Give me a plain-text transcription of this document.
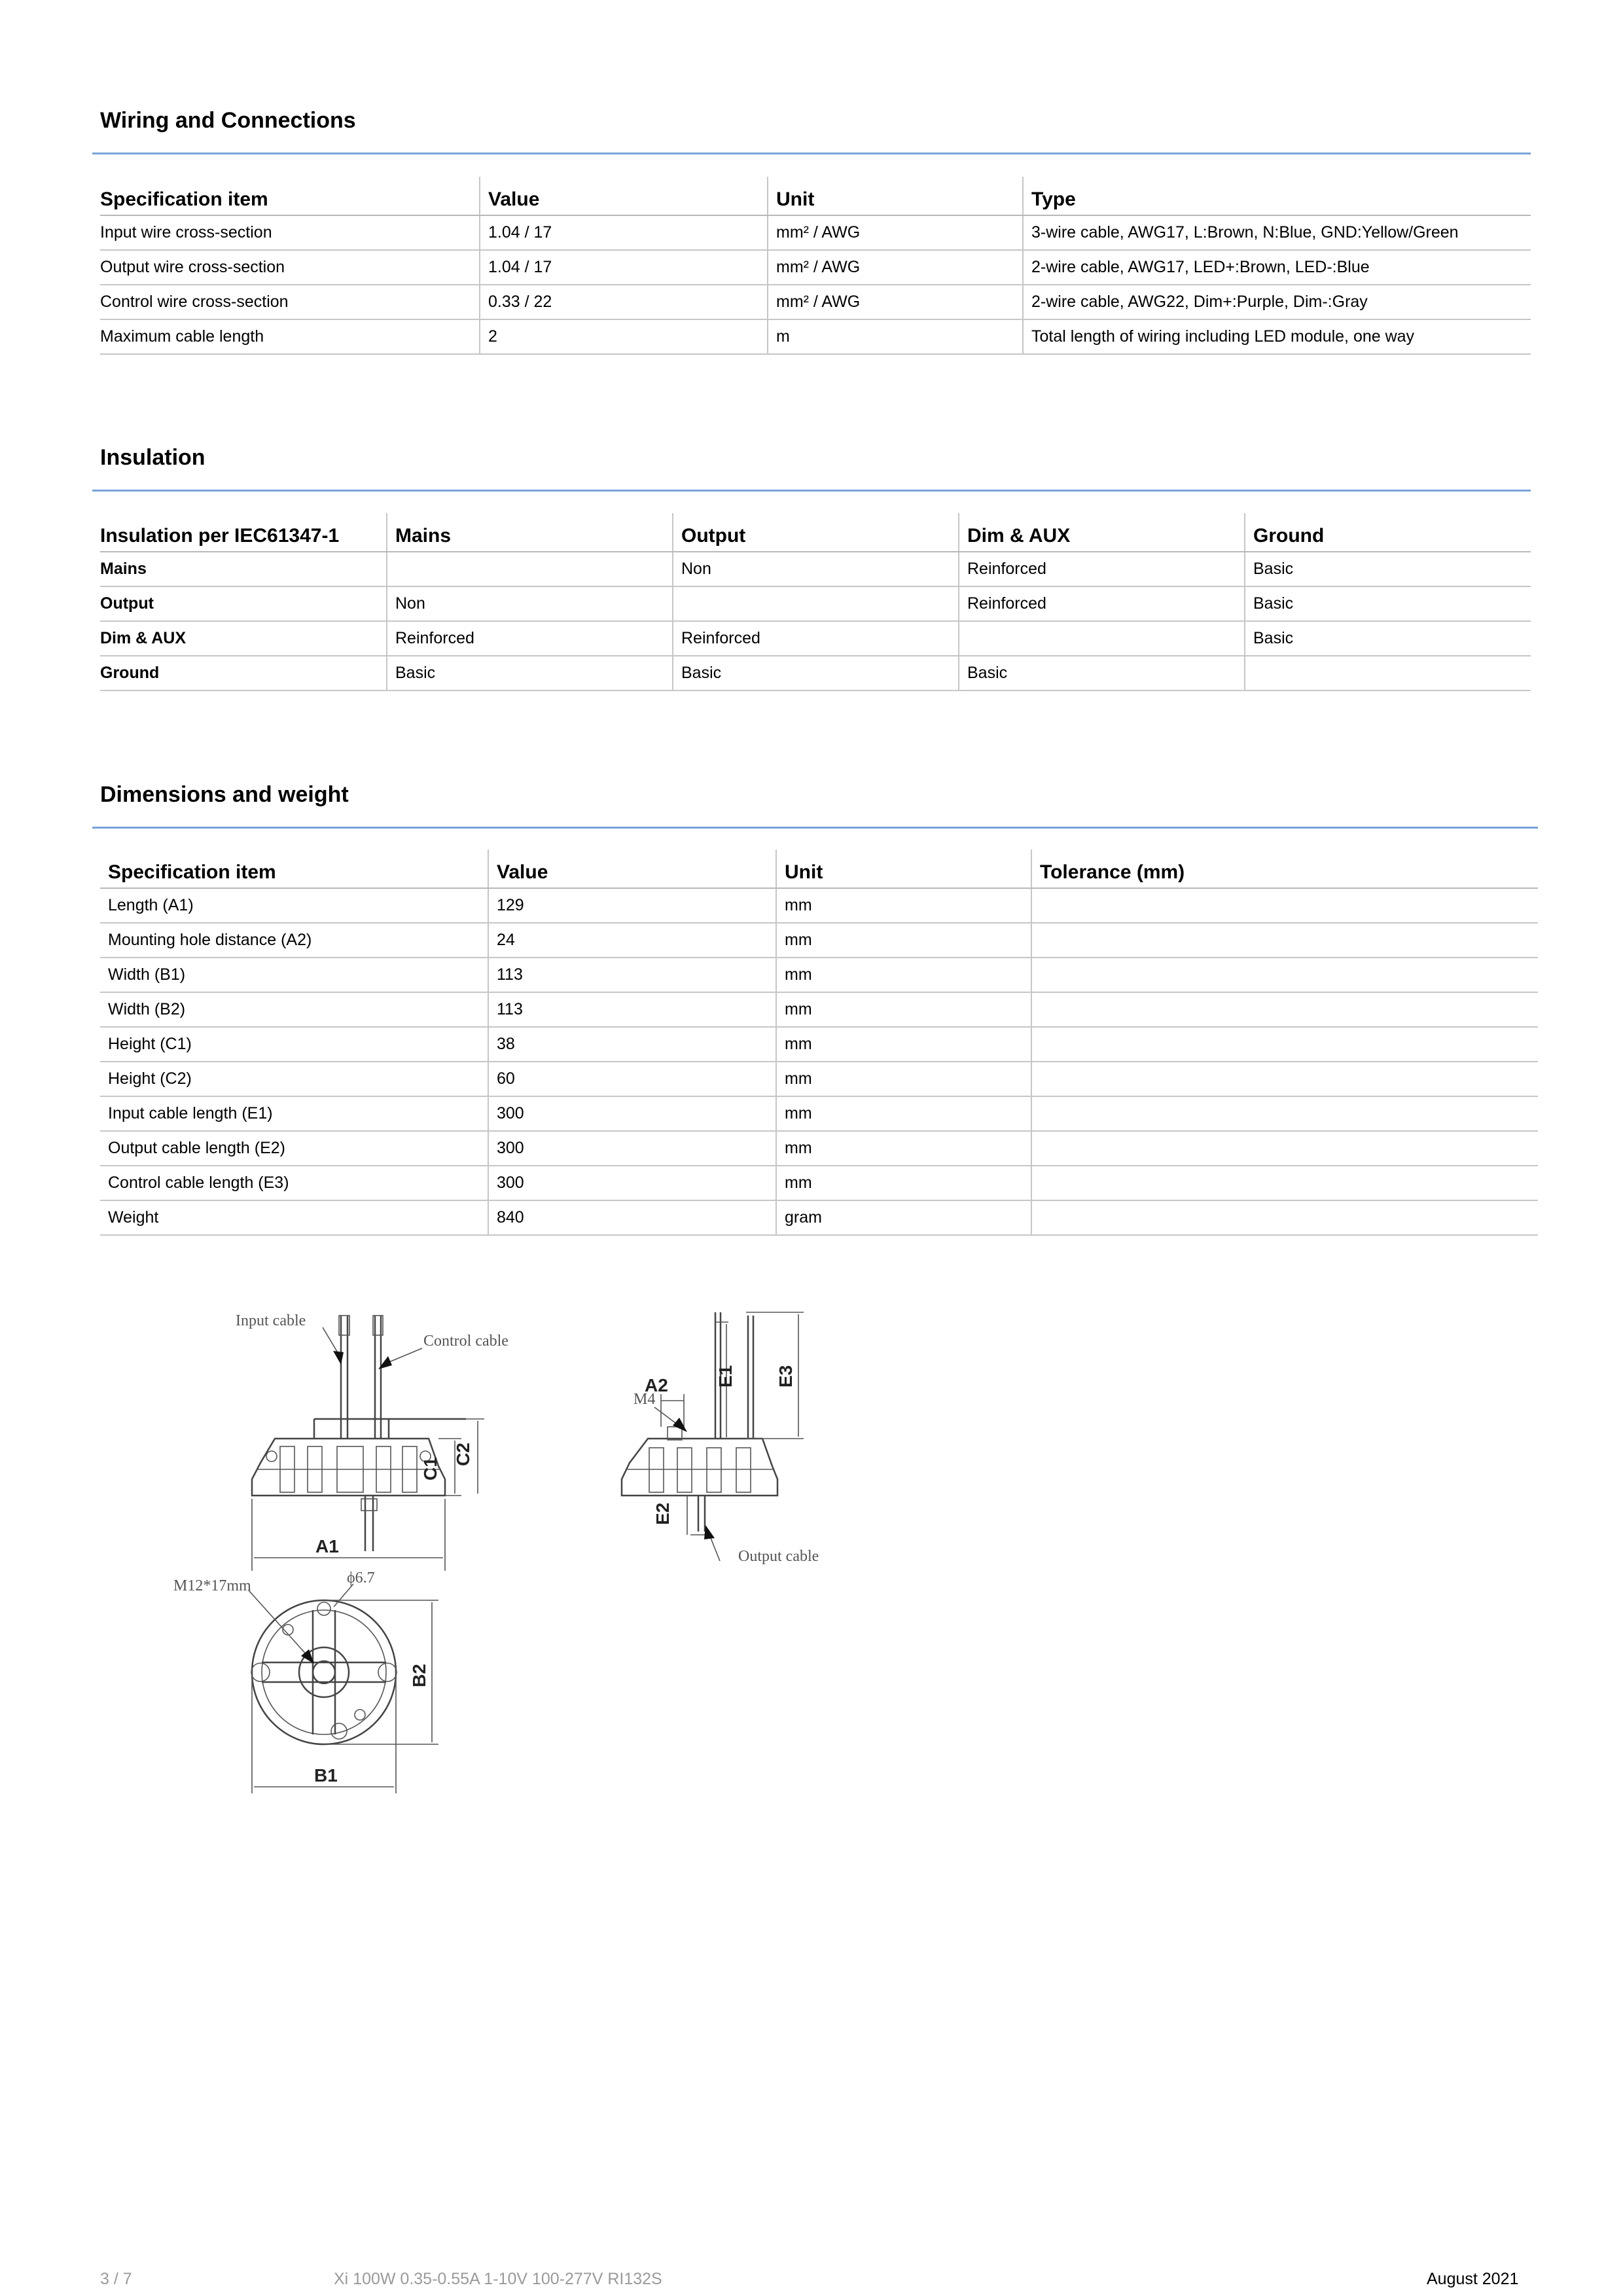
Wiring and Connections
Specification item	Value	Unit	Type
Input wire cross-section	1.04 / 17	mm² / AWG	3-wire cable, AWG17, L:Brown, N:Blue, GND:Yellow/Green
Output wire cross-section	1.04 / 17	mm² / AWG	2-wire cable, AWG17, LED+:Brown, LED-:Blue
Control wire cross-section	0.33 / 22	mm² / AWG	2-wire cable, AWG22, Dim+:Purple, Dim-:Gray
Maximum cable length	2	m	Total length of wiring including LED module, one way
Insulation
Insulation per IEC61347-1	Mains	Output	Dim & AUX	Ground
Mains		Non	Reinforced	Basic
Output	Non		Reinforced	Basic
Dim & AUX	Reinforced	Reinforced		Basic
Ground	Basic	Basic	Basic	
Dimensions and weight
Specification item	Value	Unit	Tolerance (mm)
Length (A1)	129	mm	
Mounting hole distance (A2)	24	mm	
Width (B1)	113	mm	
Width (B2)	113	mm	
Height (C1)	38	mm	
Height (C2)	60	mm	
Input cable length (E1)	300	mm	
Output cable length (E2)	300	mm	
Control cable length (E3)	300	mm	
Weight	840	gram	
Input cable
Control cable
A1
C1
C2
Output cable
M4
A2	E1 E3
E2
M12*17mm	ϕ6.7
B1
B2
3 / 7	Xi 100W 0.35-0.55A 1-10V 100-277V RI132S	August 2021
